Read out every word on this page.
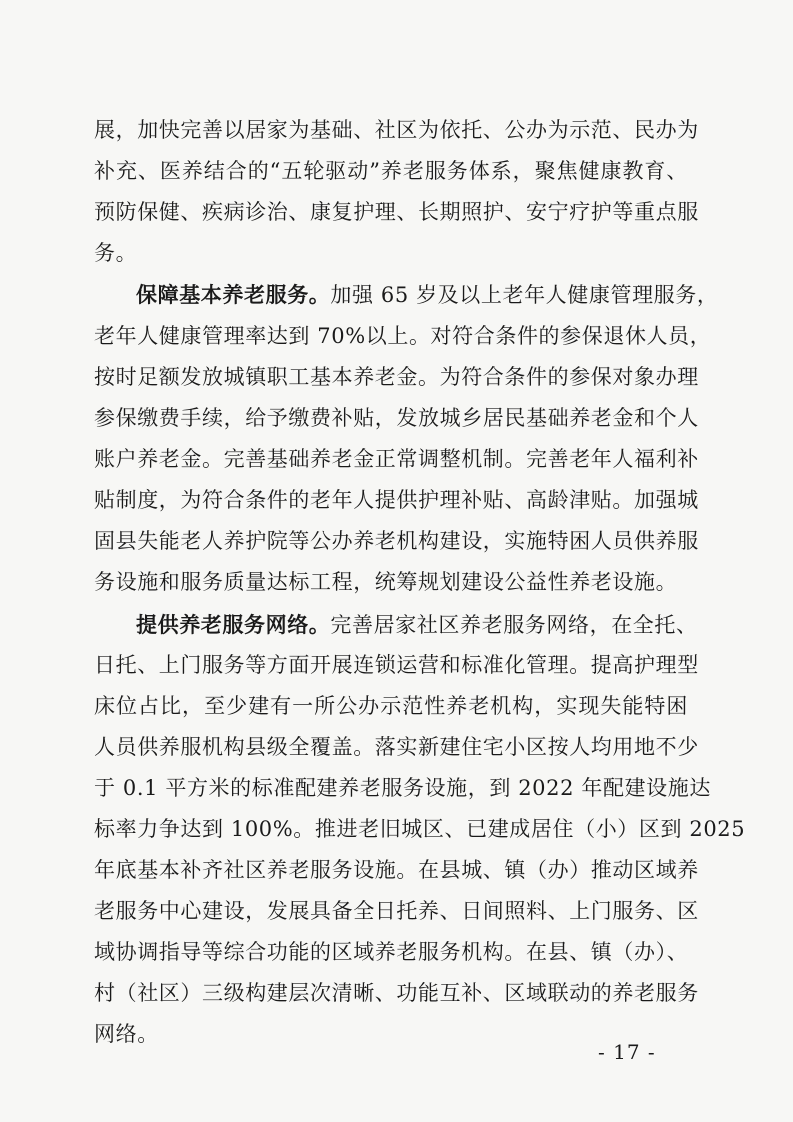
展，加快完善以居家为基础、社区为依托、公办为示范、民办为
补充、医养结合的“五轮驱动”养老服务体系，聚焦健康教育、
预防保健、疾病诊治、康复护理、长期照护、安宁疗护等重点服
务。
保障基本养老服务。加强 65 岁及以上老年人健康管理服务，
老年人健康管理率达到 70%以上。对符合条件的参保退休人员，
按时足额发放城镇职工基本养老金。为符合条件的参保对象办理
参保缴费手续，给予缴费补贴，发放城乡居民基础养老金和个人
账户养老金。完善基础养老金正常调整机制。完善老年人福利补
贴制度，为符合条件的老年人提供护理补贴、高龄津贴。加强城
固县失能老人养护院等公办养老机构建设，实施特困人员供养服
务设施和服务质量达标工程，统筹规划建设公益性养老设施。
提供养老服务网络。完善居家社区养老服务网络，在全托、
日托、上门服务等方面开展连锁运营和标准化管理。提高护理型
床位占比，至少建有一所公办示范性养老机构，实现失能特困
人员供养服机构县级全覆盖。落实新建住宅小区按人均用地不少
于 0.1 平方米的标准配建养老服务设施，到 2022 年配建设施达
标率力争达到 100%。推进老旧城区、已建成居住（小）区到 2025
年底基本补齐社区养老服务设施。在县城、镇（办）推动区域养
老服务中心建设，发展具备全日托养、日间照料、上门服务、区
域协调指导等综合功能的区域养老服务机构。在县、镇（办）、
村（社区）三级构建层次清晰、功能互补、区域联动的养老服务
网络。
- 17 -
